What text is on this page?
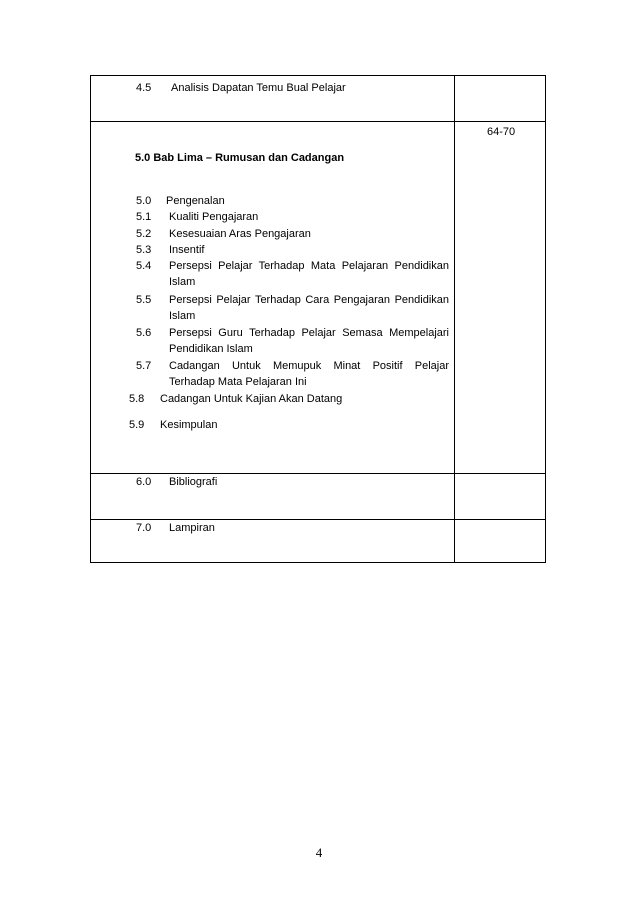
4.5 Analisis Dapatan Temu Bual Pelajar
64-70
5.0 Bab Lima – Rumusan dan Cadangan
5.0 Pengenalan
5.1 Kualiti Pengajaran
5.2 Kesesuaian Aras Pengajaran
5.3 Insentif
5.4 Persepsi Pelajar Terhadap Mata Pelajaran Pendidikan Islam
5.5 Persepsi Pelajar Terhadap Cara Pengajaran Pendidikan Islam
5.6 Persepsi Guru Terhadap Pelajar Semasa Mempelajari Pendidikan Islam
5.7 Cadangan Untuk Memupuk Minat Positif Pelajar Terhadap Mata Pelajaran Ini
5.8 Cadangan Untuk Kajian Akan Datang
5.9 Kesimpulan
6.0 Bibliografi
7.0 Lampiran
4
